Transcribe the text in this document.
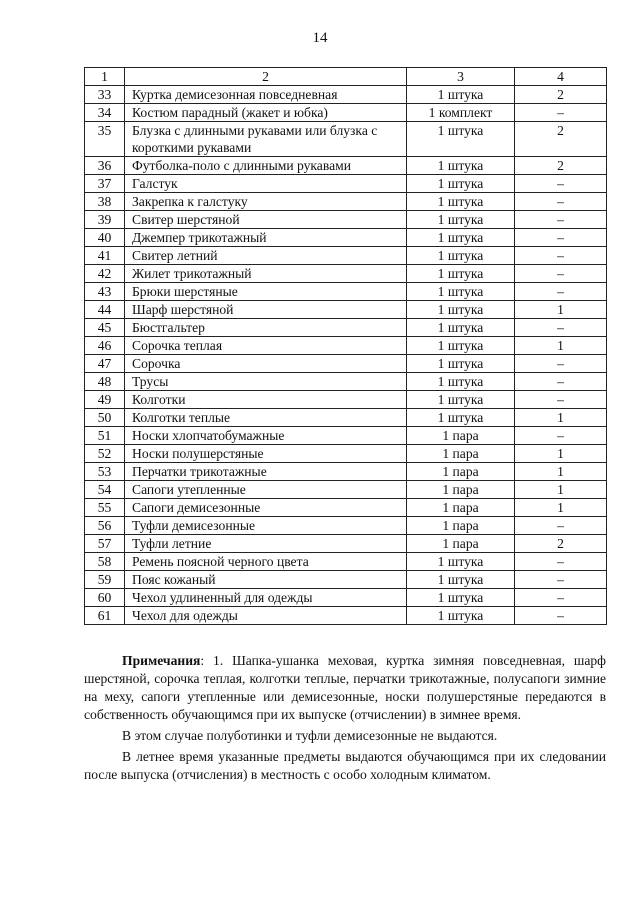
14
1	2	3	4
33	Куртка демисезонная повседневная	1 штука	2
34	Костюм парадный (жакет и юбка)	1 комплект	–
35	Блузка с длинными рукавами или блузка с короткими рукавами	1 штука	2
36	Футболка-поло с длинными рукавами	1 штука	2
37	Галстук	1 штука	–
38	Закрепка к галстуку	1 штука	–
39	Свитер шерстяной	1 штука	–
40	Джемпер трикотажный	1 штука	–
41	Свитер летний	1 штука	–
42	Жилет трикотажный	1 штука	–
43	Брюки шерстяные	1 штука	–
44	Шарф шерстяной	1 штука	1
45	Бюстгальтер	1 штука	–
46	Сорочка теплая	1 штука	1
47	Сорочка	1 штука	–
48	Трусы	1 штука	–
49	Колготки	1 штука	–
50	Колготки теплые	1 штука	1
51	Носки хлопчатобумажные	1 пара	–
52	Носки полушерстяные	1 пара	1
53	Перчатки трикотажные	1 пара	1
54	Сапоги утепленные	1 пара	1
55	Сапоги демисезонные	1 пара	1
56	Туфли демисезонные	1 пара	–
57	Туфли летние	1 пара	2
58	Ремень поясной черного цвета	1 штука	–
59	Пояс кожаный	1 штука	–
60	Чехол удлиненный для одежды	1 штука	–
61	Чехол для одежды	1 штука	–

Примечания: 1. Шапка-ушанка меховая, куртка зимняя повседневная, шарф шерстяной, сорочка теплая, колготки теплые, перчатки трикотажные, полусапоги зимние на меху, сапоги утепленные или демисезонные, носки полушерстяные передаются в собственность обучающимся при их выпуске (отчислении) в зимнее время.

В этом случае полуботинки и туфли демисезонные не выдаются.

В летнее время указанные предметы выдаются обучающимся при их следовании после выпуска (отчисления) в местность с особо холодным климатом.
